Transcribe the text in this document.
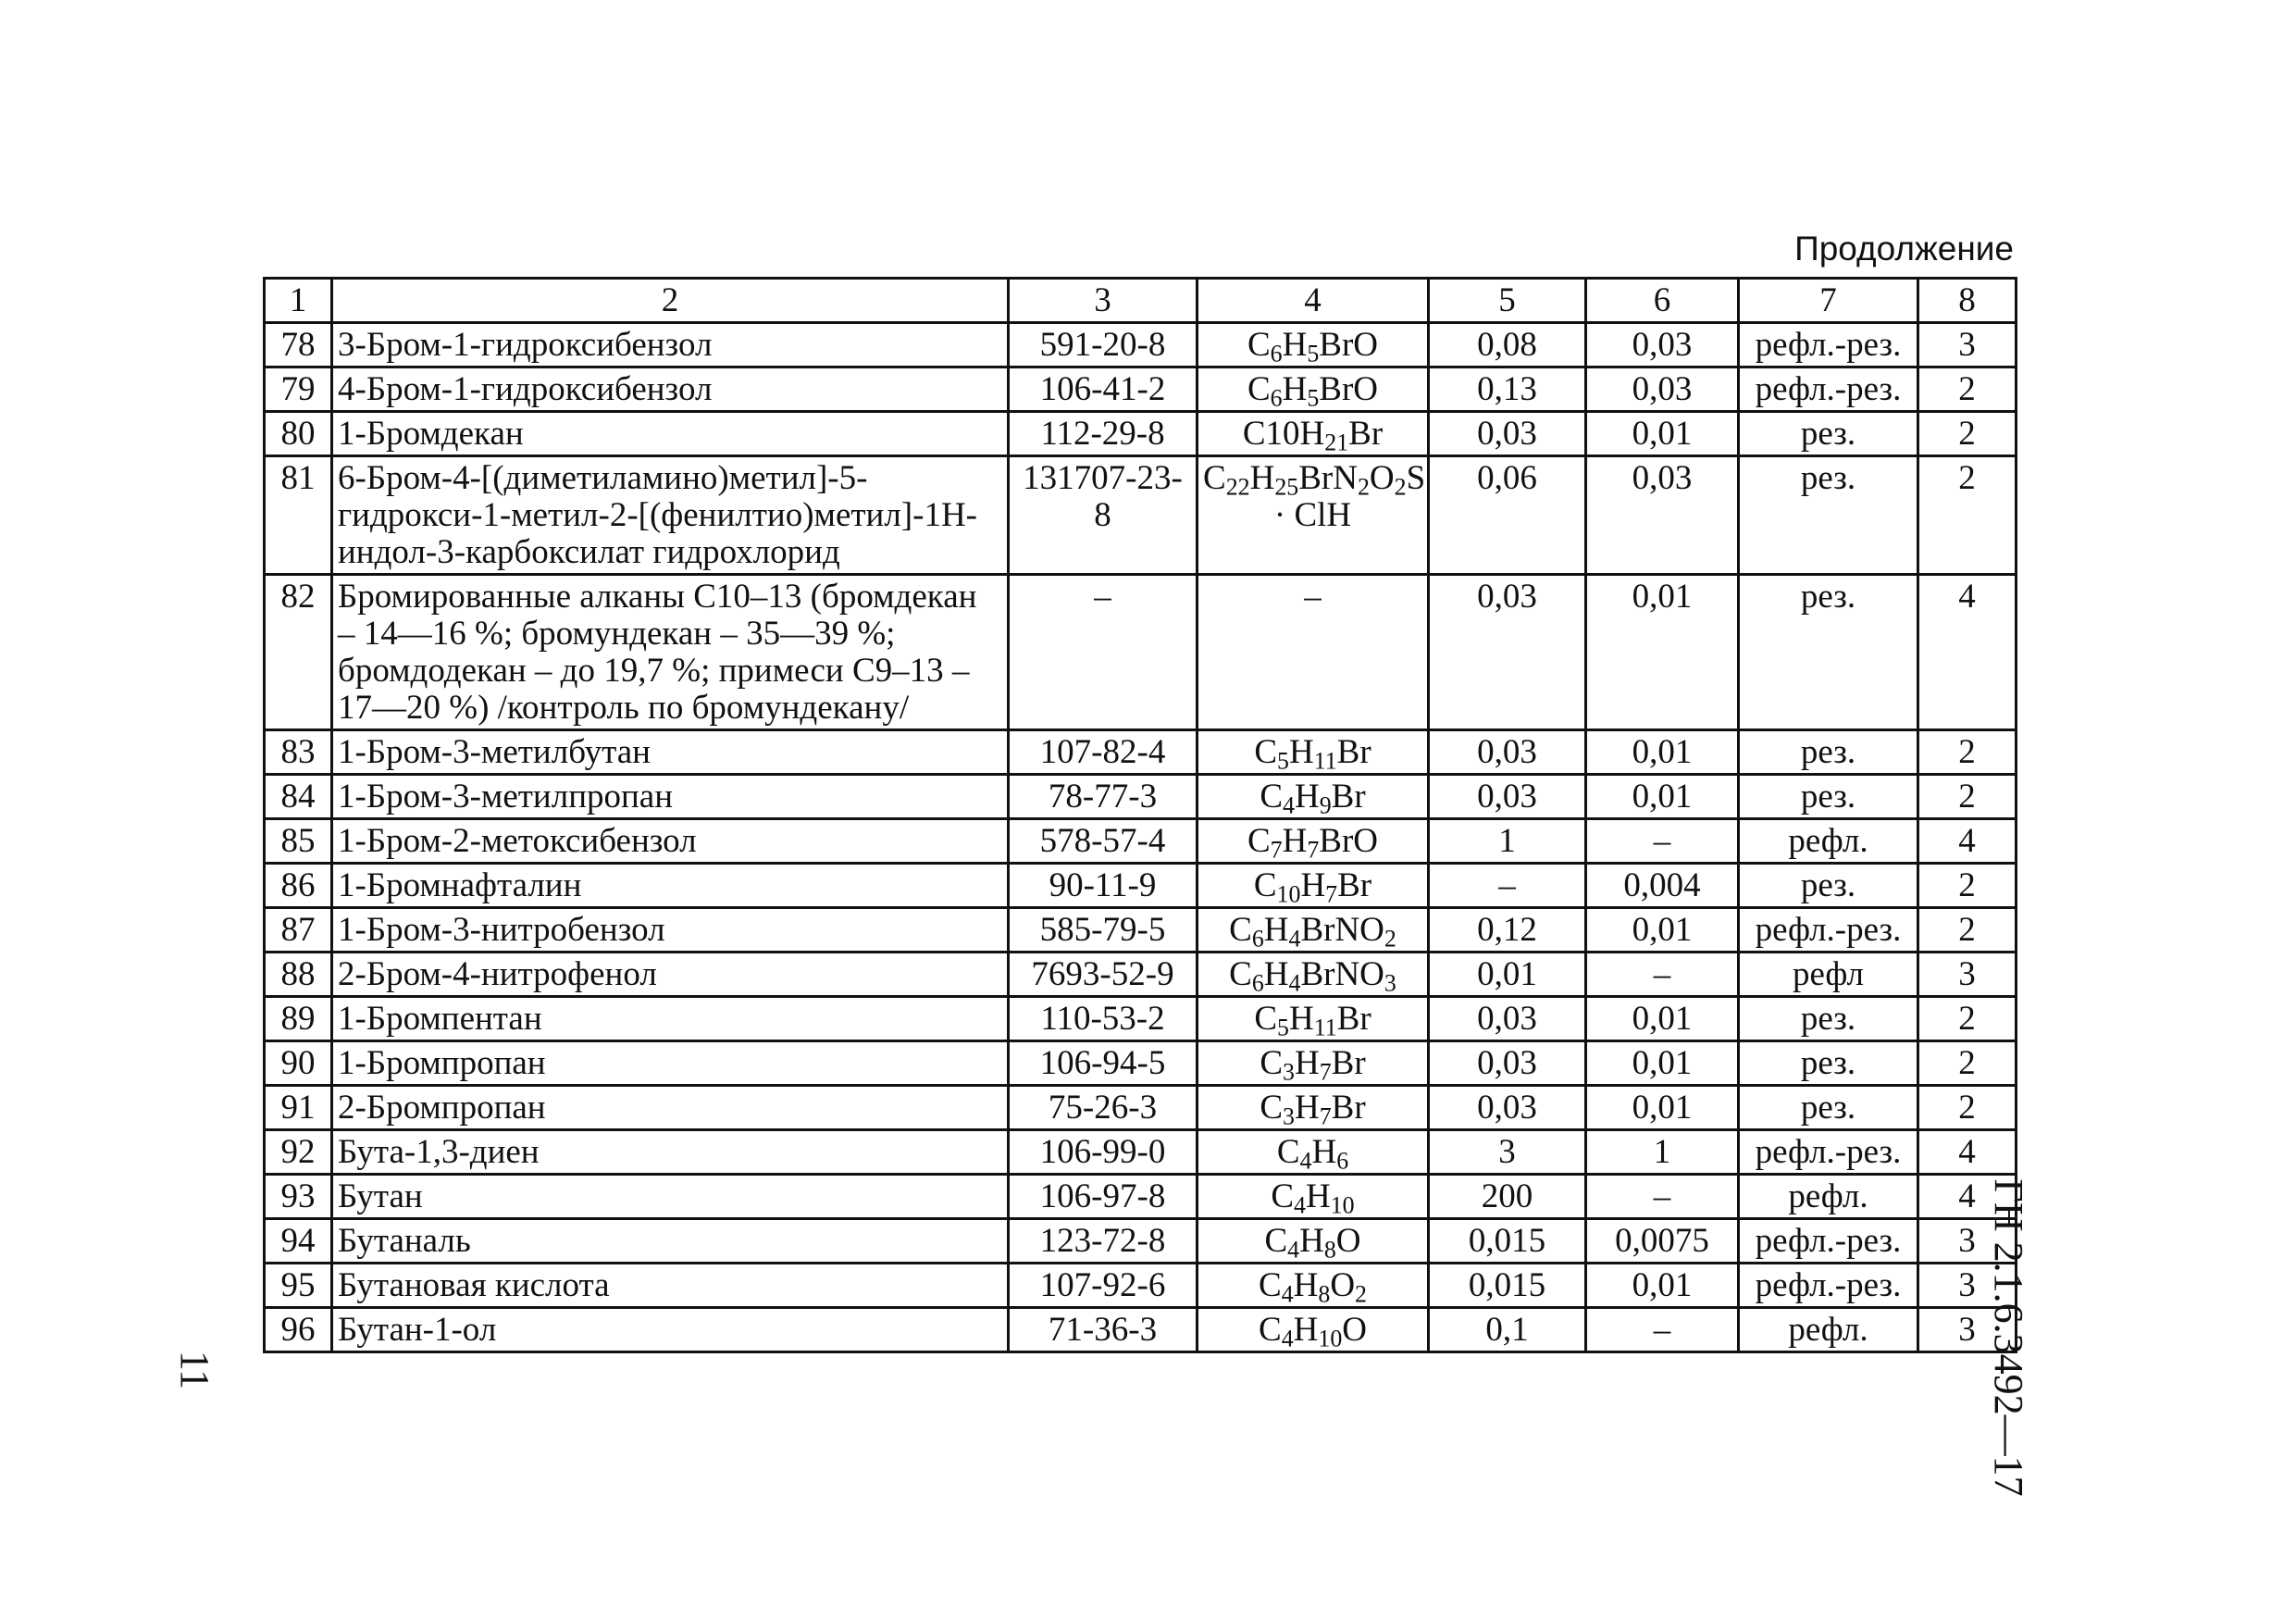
Продолжение
1	2	3	4	5	6	7	8
78	3-Бром-1-гидроксибензол	591-20-8	$C_6H_5BrO$	0,08	0,03	рефл.-рез.	3
79	4-Бром-1-гидроксибензол	106-41-2	$C_6H_5BrO$	0,13	0,03	рефл.-рез.	2
80	1-Бромдекан	112-29-8	$C10H_{21}Br$	0,03	0,01	рез.	2
81	6-Бром-4-[(диметиламино)метил]-5-гидрокси-1-метил-2-[(фенилтио)метил]-1H-индол-3-карбоксилат гидрохлорид	131707-23-8	$C_{22}H_{25}BrN_2O_2S$ · ClH	0,06	0,03	рез.	2
82	Бромированные алканы С10–13 (бромдекан – 14—16 %; бромундекан – 35—39 %; бромдодекан – до 19,7 %; примеси С9–13 – 17—20 %) /контроль по бромундекану/	–	–	0,03	0,01	рез.	4
83	1-Бром-3-метилбутан	107-82-4	$C_5H_{11}Br$	0,03	0,01	рез.	2
84	1-Бром-3-метилпропан	78-77-3	$C_4H_9Br$	0,03	0,01	рез.	2
85	1-Бром-2-метоксибензол	578-57-4	$C_7H_7BrO$	1	–	рефл.	4
86	1-Бромнафталин	90-11-9	$C_{10}H_7Br$	–	0,004	рез.	2
87	1-Бром-3-нитробензол	585-79-5	$C_6H_4BrNO_2$	0,12	0,01	рефл.-рез.	2
88	2-Бром-4-нитрофенол	7693-52-9	$C_6H_4BrNO_3$	0,01	–	рефл	3
89	1-Бромпентан	110-53-2	$C_5H_{11}Br$	0,03	0,01	рез.	2
90	1-Бромпропан	106-94-5	$C_3H_7Br$	0,03	0,01	рез.	2
91	2-Бромпропан	75-26-3	$C_3H_7Br$	0,03	0,01	рез.	2
92	Бута-1,3-диен	106-99-0	$C_4H_6$	3	1	рефл.-рез.	4
93	Бутан	106-97-8	$C_4H_{10}$	200	–	рефл.	4
94	Бутаналь	123-72-8	$C_4H_8O$	0,015	0,0075	рефл.-рез.	3
95	Бутановая кислота	107-92-6	$C_4H_8O_2$	0,015	0,01	рефл.-рез.	3
96	Бутан-1-ол	71-36-3	$C_4H_{10}O$	0,1	–	рефл.	3
11	ГН 2.1.6.3492—17
